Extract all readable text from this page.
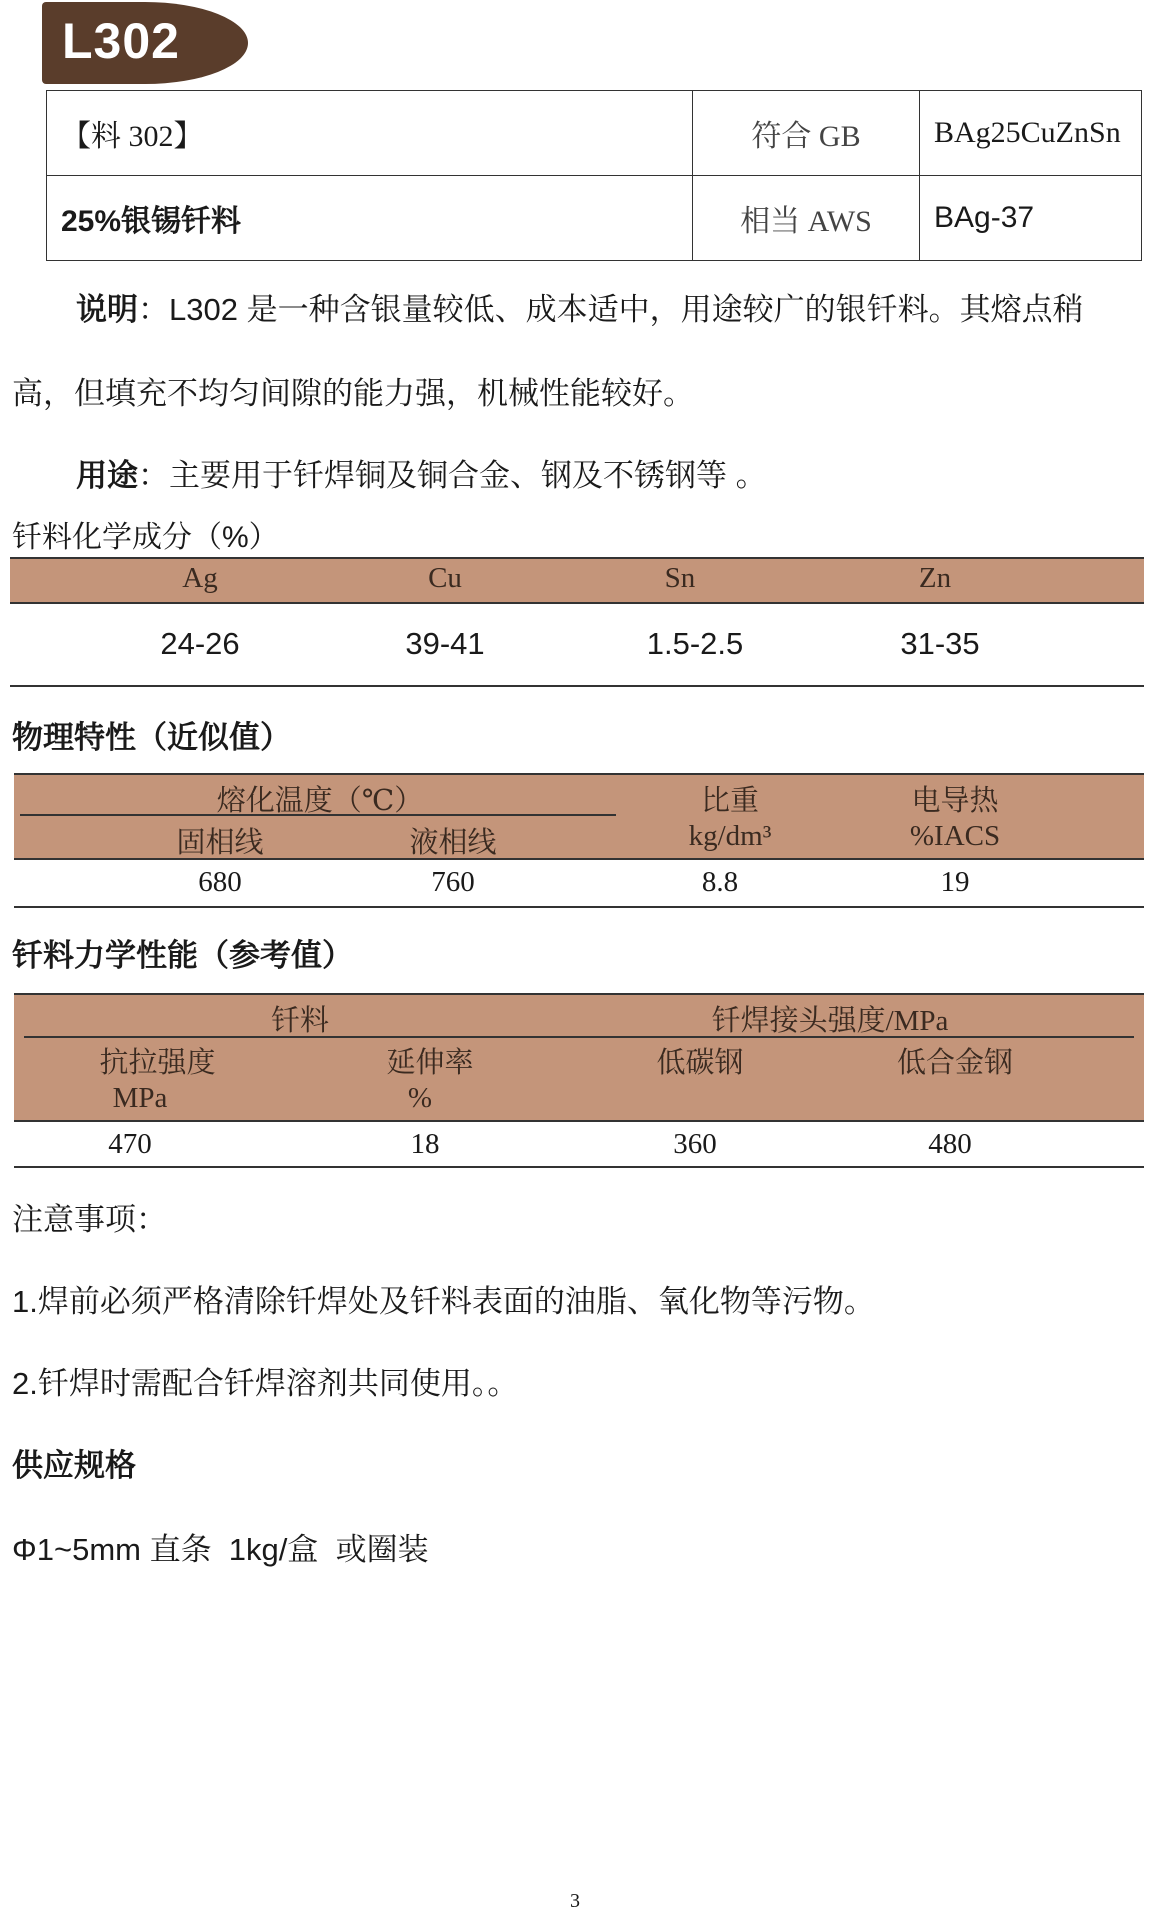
L302
【料 302】	符合 GB	BAg25CuZnSn
25%银锡钎料	相当 AWS	BAg-37
说明：L302 是一种含银量较低、成本适中，用途较广的银钎料。其熔点稍
高，但填充不均匀间隙的能力强，机械性能较好。
用途：主要用于钎焊铜及铜合金、钢及不锈钢等 。
钎料化学成分（%）
Ag	Cu	Sn	Zn
24-26	39-41	1.5-2.5	31-35
物理特性（近似值）
熔化温度（℃）	比重	电导热
固相线	液相线	kg/dm³	%IACS
680	760	8.8	19
钎料力学性能（参考值）
钎料	钎焊接头强度/MPa
抗拉强度	延伸率	低碳钢	低合金钢
MPa	%
470	18	360	480
注意事项：
1.焊前必须严格清除钎焊处及钎料表面的油脂、氧化物等污物。
2.钎焊时需配合钎焊溶剂共同使用。。
供应规格
Φ1~5mm 直条  1kg/盒  或圈装
3
